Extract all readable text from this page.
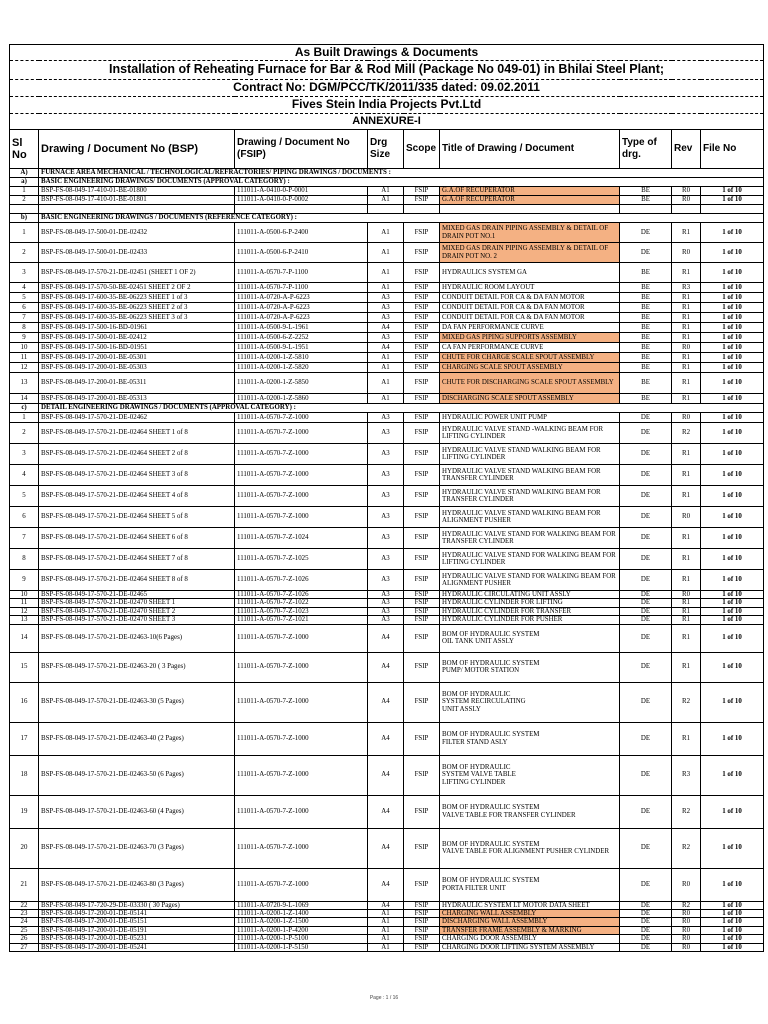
As Built Drawings & Documents								
Installation of Reheating Furnace for Bar & Rod Mill (Package No 049-01) in Bhilai Steel Plant;								
Contract No: DGM/PCC/TK/2011/335 dated: 09.02.2011								
Fives Stein India Projects Pvt.Ltd								
ANNEXURE-I								
Sl No	Drawing / Document No (BSP)	Drawing / Document No (FSIP)	Drg Size	Scope	Title of Drawing / Document	Type of drg.	Rev	File No
A)	FURNACE AREA MECHANICAL / TECHNOLOGICAL/REFRACTORIES/ PIPING DRAWINGS / DOCUMENTS :							
a)	BASIC ENGINEERING DRAWINGS/ DOCUMENTS (APPROVAL CATEGORY) :							
1	BSP-FS-08-049-17-410-01-BE-01800	111011-A-0410-0-P-0001	A1	FSIP	G.A.OF RECUPERATOR	BE	R0	1 of 10
2	BSP-FS-08-049-17-410-01-BE-01801	111011-A-0410-0-P-0002	A1	FSIP	G.A.OF RECUPERATOR	BE	R0	1 of 10

b)	BASIC ENGINEERING DRAWINGS / DOCUMENTS (REFERENCE CATEGORY) :							
1	BSP-FS-08-049-17-500-01-DE-02432	111011-A-0500-6-P-2400	A1	FSIP	MIXED GAS DRAIN PIPING ASSEMBLY & DETAIL OF DRAIN POT NO.1	DE	R1	1 of 10
2	BSP-FS-08-049-17-500-01-DE-02433	111011-A-0500-6-P-2410	A1	FSIP	MIXED GAS DRAIN PIPING ASSEMBLY & DETAIL OF DRAIN POT NO. 2	DE	R0	1 of 10
3	BSP-FS-08-049-17-570-21-DE-02451 (SHEET 1 OF 2)	111011-A-0570-7-P-1100	A1	FSIP	HYDRAULICS SYSTEM GA	BE	R1	1 of 10
4	BSP-FS-08-049-17-570-50-BE-02451 SHEET 2 OF 2	111011-A-0570-7-P-1100	A1	FSIP	HYDRAULIC ROOM LAYOUT	BE	R3	1 of 10
5	BSP-FS-08-049-17-600-35-BE-06223 SHEET 1 of 3	111011-A-0720-A-P-6223	A3	FSIP	CONDUIT DETAIL FOR CA & DA FAN MOTOR	BE	R1	1 of 10
6	BSP-FS-08-049-17-600-35-BE-06223 SHEET 2 of 3	111011-A-0720-A-P-6223	A3	FSIP	CONDUIT DETAIL FOR CA & DA FAN MOTOR	BE	R1	1 of 10
7	BSP-FS-08-049-17-600-35-BE-06223 SHEET 3 of 3	111011-A-0720-A-P-6223	A3	FSIP	CONDUIT DETAIL FOR CA & DA FAN MOTOR	BE	R1	1 of 10
8	BSP-FS-08-049-17-500-16-BD-01961	111011-A-0500-9-L-1961	A4	FSIP	DA FAN PERFORMANCE CURVE	BE	R1	1 of 10
9	BSP-FS-08-049-17-500-01-BE-02412	111011-A-0500-6-Z-2252	A3	FSIP	MIXED GAS PIPING SUPPORTS ASSEMBLY	BE	R1	1 of 10
10	BSP-FS-08-049-17-500-16-BD-01951	111011-A-0500-9-L-1951	A4	FSIP	CA FAN PERFORMANCE CURVE	BE	R0	1 of 10
11	BSP-FS-08-049-17-200-01-BE-05301	111011-A-0200-1-Z-5810	A1	FSIP	CHUTE FOR CHARGE SCALE SPOUT ASSEMBLY	BE	R1	1 of 10
12	BSP-FS-08-049-17-200-01-BE-05303	111011-A-0200-1-Z-5820	A1	FSIP	CHARGING SCALE SPOUT ASSEMBLY	BE	R1	1 of 10
13	BSP-FS-08-049-17-200-01-BE-05311	111011-A-0200-1-Z-5850	A1	FSIP	CHUTE FOR DISCHARGING SCALE SPOUT ASSEMBLY	BE	R1	1 of 10
14	BSP-FS-08-049-17-200-01-BE-05313	111011-A-0200-1-Z-5860	A1	FSIP	DISCHARGING SCALE SPOUT ASSEMBLY	BE	R1	1 of 10
c)	DETAIL ENGINEERING DRAWINGS / DOCUMENTS (APPROVAL CATEGORY) :							
1	BSP-FS-08-049-17-570-21-DE-02462	111011-A-0570-7-Z-1000	A3	FSIP	HYDRAULIC POWER UNIT PUMP	DE	R0	1 of 10
2	BSP-FS-08-049-17-570-21-DE-02464 SHEET 1 of 8	111011-A-0570-7-Z-1000	A3	FSIP	HYDRAULIC VALVE STAND -WALKING BEAM FOR LIFTING CYLINDER	DE	R2	1 of 10
3	BSP-FS-08-049-17-570-21-DE-02464 SHEET 2 of 8	111011-A-0570-7-Z-1000	A3	FSIP	HYDRAULIC VALVE STAND WALKING BEAM FOR LIFTING CYLINDER	DE	R1	1 of 10
4	BSP-FS-08-049-17-570-21-DE-02464 SHEET 3 of 8	111011-A-0570-7-Z-1000	A3	FSIP	HYDRAULIC VALVE STAND WALKING BEAM FOR TRANSFER CYLINDER	DE	R1	1 of 10
5	BSP-FS-08-049-17-570-21-DE-02464 SHEET 4 of 8	111011-A-0570-7-Z-1000	A3	FSIP	HYDRAULIC VALVE STAND WALKING BEAM FOR TRANSFER CYLINDER	DE	R1	1 of 10
6	BSP-FS-08-049-17-570-21-DE-02464 SHEET 5 of 8	111011-A-0570-7-Z-1000	A3	FSIP	HYDRAULIC VALVE STAND WALKING BEAM FOR ALIGNMENT PUSHER	DE	R0	1 of 10
7	BSP-FS-08-049-17-570-21-DE-02464 SHEET 6 of 8	111011-A-0570-7-Z-1024	A3	FSIP	HYDRAULIC VALVE STAND FOR WALKING BEAM FOR TRANSFER CYLINDER	DE	R1	1 of 10
8	BSP-FS-08-049-17-570-21-DE-02464 SHEET 7 of 8	111011-A-0570-7-Z-1025	A3	FSIP	HYDRAULIC VALVE STAND FOR WALKING BEAM FOR LIFTING CYLINDER	DE	R1	1 of 10
9	BSP-FS-08-049-17-570-21-DE-02464 SHEET 8 of 8	111011-A-0570-7-Z-1026	A3	FSIP	HYDRAULIC VALVE STAND FOR WALKING BEAM FOR ALIGNMENT PUSHER	DE	R1	1 of 10
10	BSP-FS-08-049-17-570-21-DE-02465	111011-A-0570-7-Z-1026	A3	FSIP	HYDRAULIC CIRCULATING UNIT ASSLY	DE	R0	1 of 10
11	BSP-FS-08-049-17-570-21-DE-02470 SHEET 1	111011-A-0570-7-Z-1022	A3	FSIP	HYDRAULIC CYLINDER FOR LIFTING	DE	R1	1 of 10
12	BSP-FS-08-049-17-570-21-DE-02470 SHEET 2	111011-A-0570-7-Z-1023	A3	FSIP	HYDRAULIC CYLINDER FOR TRANSFER	DE	R1	1 of 10
13	BSP-FS-08-049-17-570-21-DE-02470 SHEET 3	111011-A-0570-7-Z-1021	A3	FSIP	HYDRAULIC CYLINDER FOR PUSHER	DE	R1	1 of 10
14	BSP-FS-08-049-17-570-21-DE-02463-10(6 Pages)	111011-A-0570-7-Z-1000	A4	FSIP	BOM OF HYDRAULIC SYSTEM
OIL TANK UNIT ASSLY	DE	R1	1 of 10
15	BSP-FS-08-049-17-570-21-DE-02463-20 ( 3 Pages)	111011-A-0570-7-Z-1000	A4	FSIP	BOM OF HYDRAULIC SYSTEM
PUMP/ MOTOR STATION	DE	R1	1 of 10
16	BSP-FS-08-049-17-570-21-DE-02463-30 (5 Pages)	111011-A-0570-7-Z-1000	A4	FSIP	BOM OF HYDRAULIC
SYSTEM RECIRCULATING
UNIT ASSLY	DE	R2	1 of 10
17	BSP-FS-08-049-17-570-21-DE-02463-40 (2 Pages)	111011-A-0570-7-Z-1000	A4	FSIP	BOM OF HYDRAULIC SYSTEM
FILTER STAND ASLY	DE	R1	1 of 10
18	BSP-FS-08-049-17-570-21-DE-02463-50 (6 Pages)	111011-A-0570-7-Z-1000	A4	FSIP	BOM OF HYDRAULIC
SYSTEM VALVE TABLE
LIFTING CYLINDER	DE	R3	1 of 10
19	BSP-FS-08-049-17-570-21-DE-02463-60 (4 Pages)	111011-A-0570-7-Z-1000	A4	FSIP	BOM OF HYDRAULIC SYSTEM
VALVE TABLE FOR TRANSFER CYLINDER	DE	R2	1 of 10
20	BSP-FS-08-049-17-570-21-DE-02463-70 (3 Pages)	111011-A-0570-7-Z-1000	A4	FSIP	BOM OF HYDRAULIC SYSTEM
VALVE TABLE FOR ALIGNMENT PUSHER CYLINDER	DE	R2	1 of 10
21	BSP-FS-08-049-17-570-21-DE-02463-80 (3 Pages)	111011-A-0570-7-Z-1000	A4	FSIP	BOM OF HYDRAULIC SYSTEM
PORTA FILTER UNIT	DE	R0	1 of 10
22	BSP-FS-08-049-17-720-29-DE-03330 ( 30 Pages)	111011-A-0720-9-L-1069	A4	FSIP	HYDRAULIC SYSTEM LT MOTOR DATA SHEET	DE	R2	1 of 10
23	BSP-FS-08-049-17-200-01-DE-05141	111011-A-0200-1-Z-1400	A1	FSIP	CHARGING WALL ASSEMBLY	DE	R0	1 of 10
24	BSP-FS-08-049-17-200-01-DE-05151	111011-A-0200-1-Z-1500	A1	FSIP	DISCHARGING WALL ASSEMBLY	DE	R0	1 of 10
25	BSP-FS-08-049-17-200-01-DE-05191	111011-A-0200-1-P-4200	A1	FSIP	TRANSFER FRAME ASSEMBLY & MARKING	DE	R0	1 of 10
26	BSP-FS-08-049-17-200-01-DE-05231	111011-A-0200-1-P-5100	A1	FSIP	CHARGING DOOR ASSEMBLY	DE	R0	1 of 10
27	BSP-FS-08-049-17-200-01-DE-05241	111011-A-0200-1-P-5150	A1	FSIP	CHARGING DOOR LIFTING SYSTEM ASSEMBLY	DE	R0	1 of 10
Page : 1 / 16
